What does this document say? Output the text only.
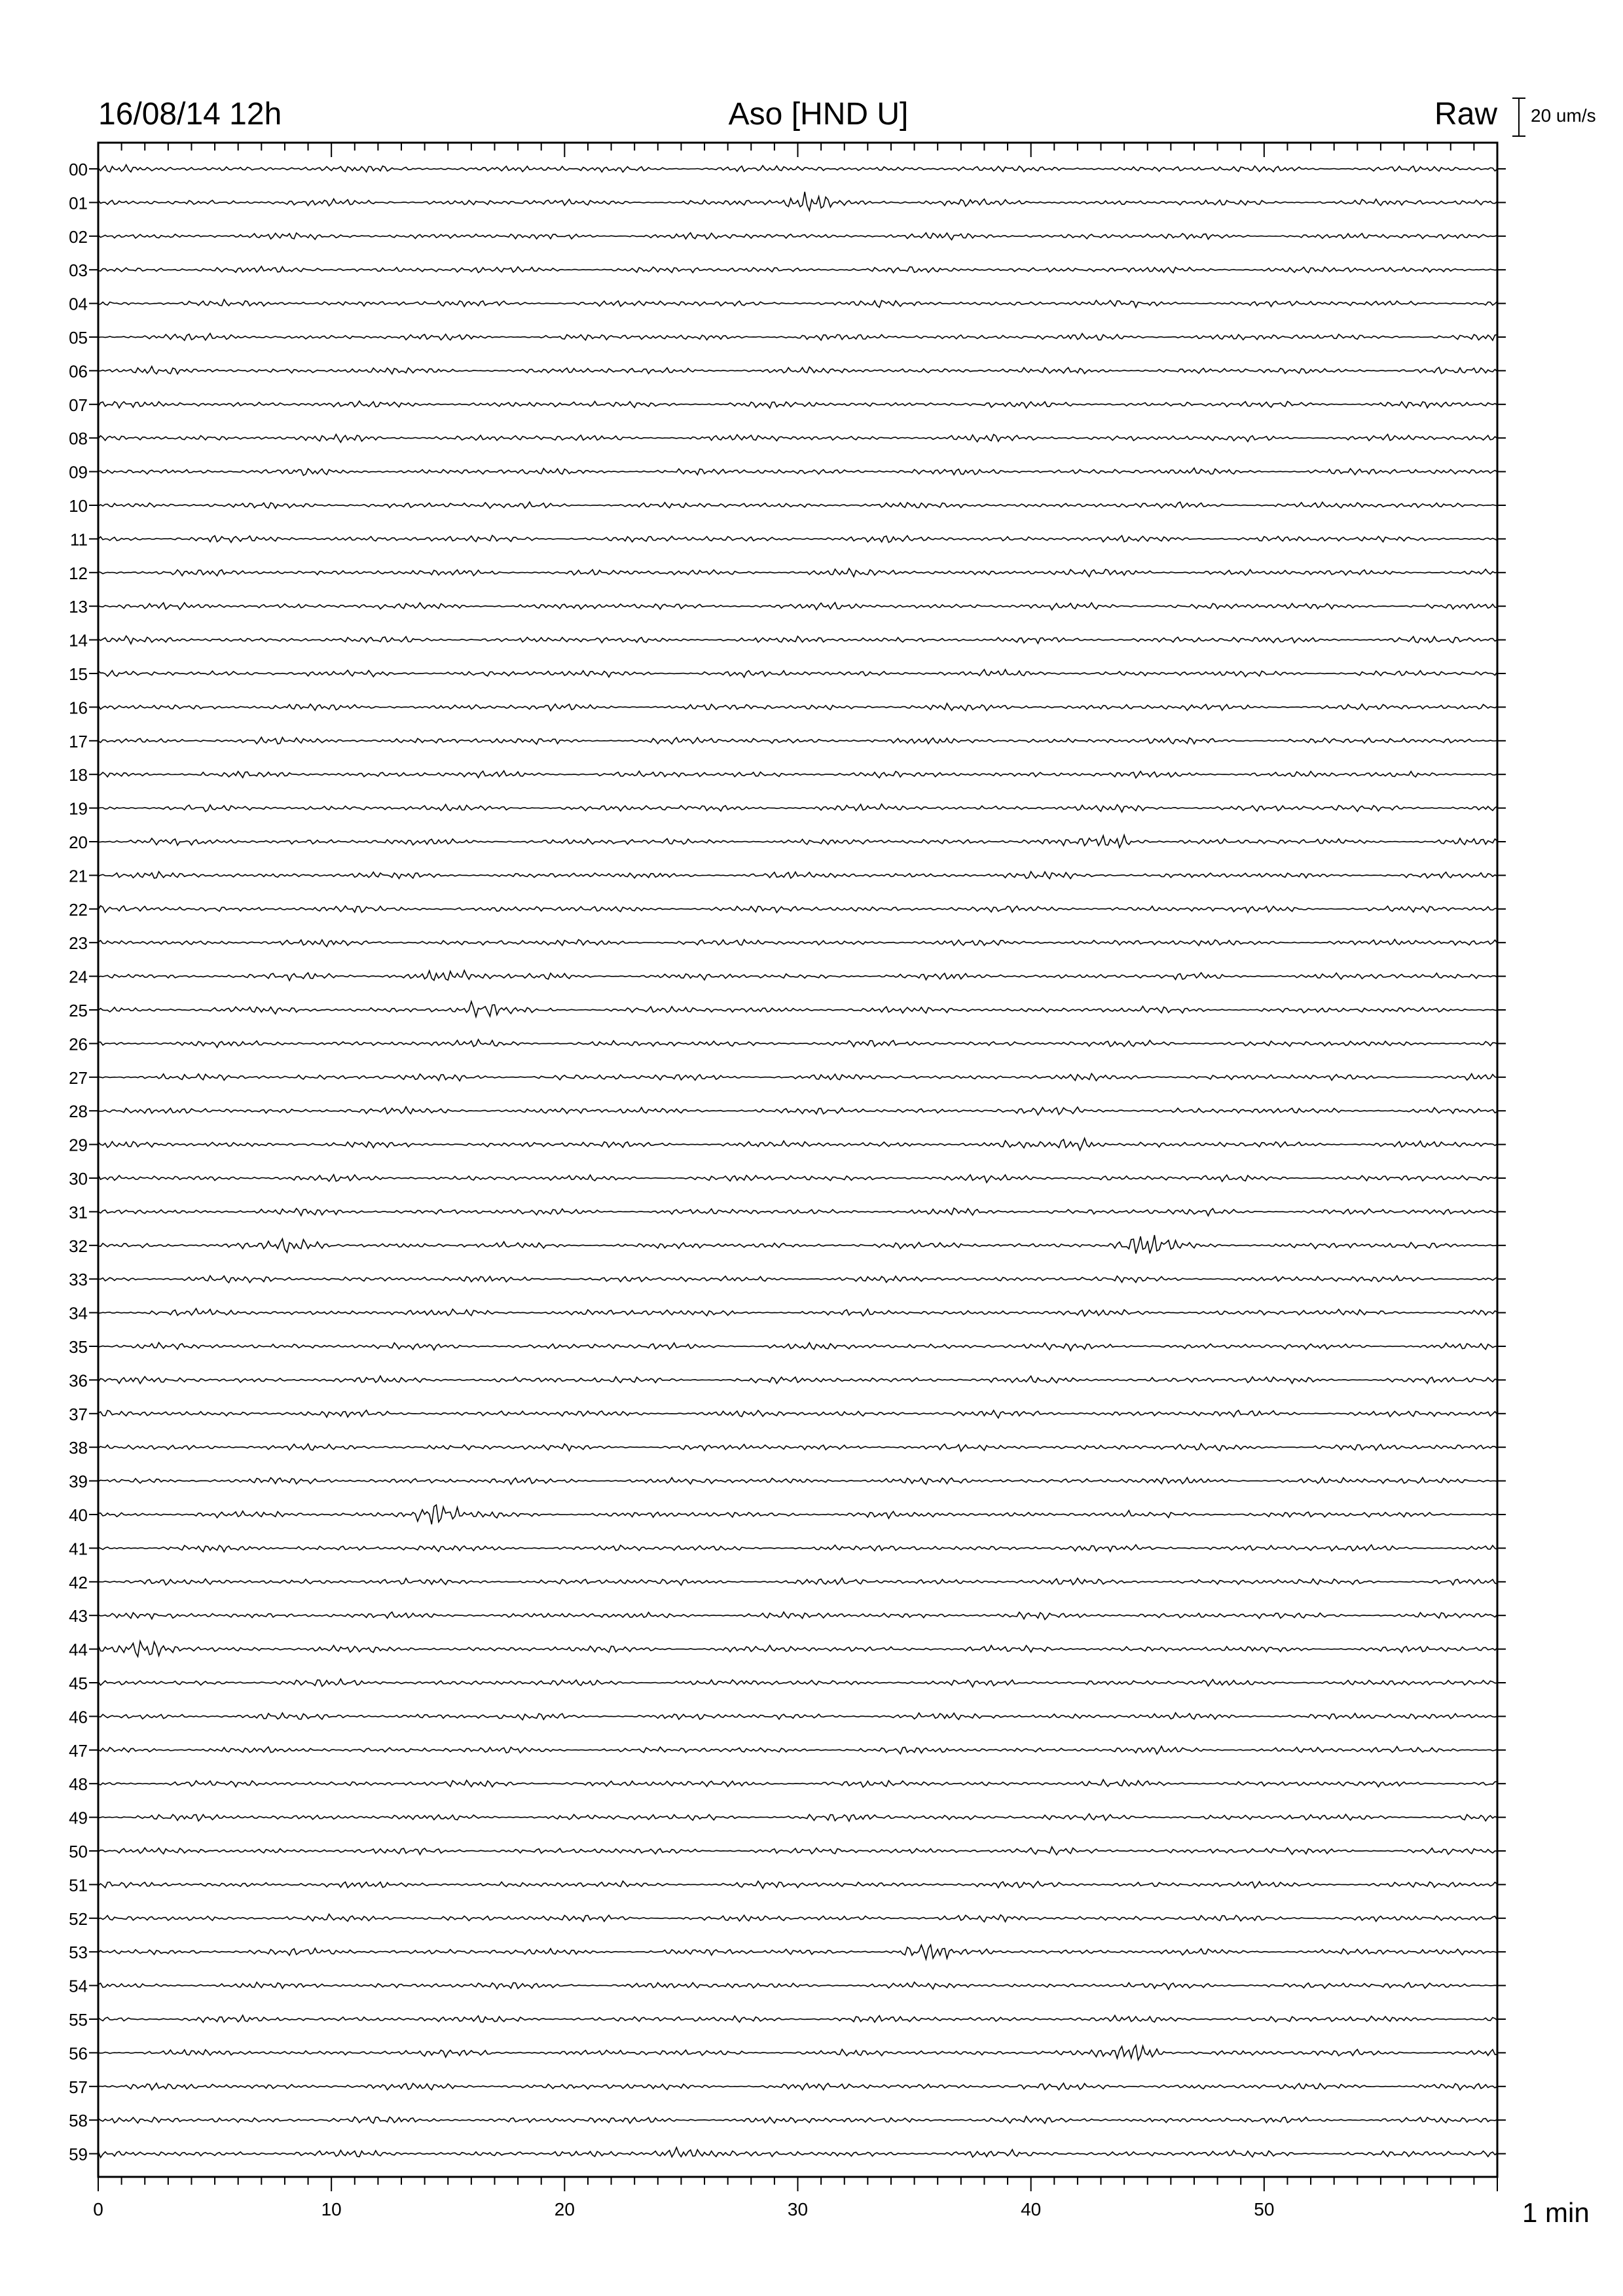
16/08/14 12h	Aso [HND U]	Raw 20 um/s
00
01
02
03
04
05
06
07
08
09
10
11
12
13
14
15
16
17
18
19
20
21
22
23
24
25
26
27
28
29
30
31
32
33
34
35
36
37
38
39
40
41
42
43
44
45
46
47
48
49
50
51
52
53
54
55
56
57
58
59
0	10	20	30	40	50	1 min
